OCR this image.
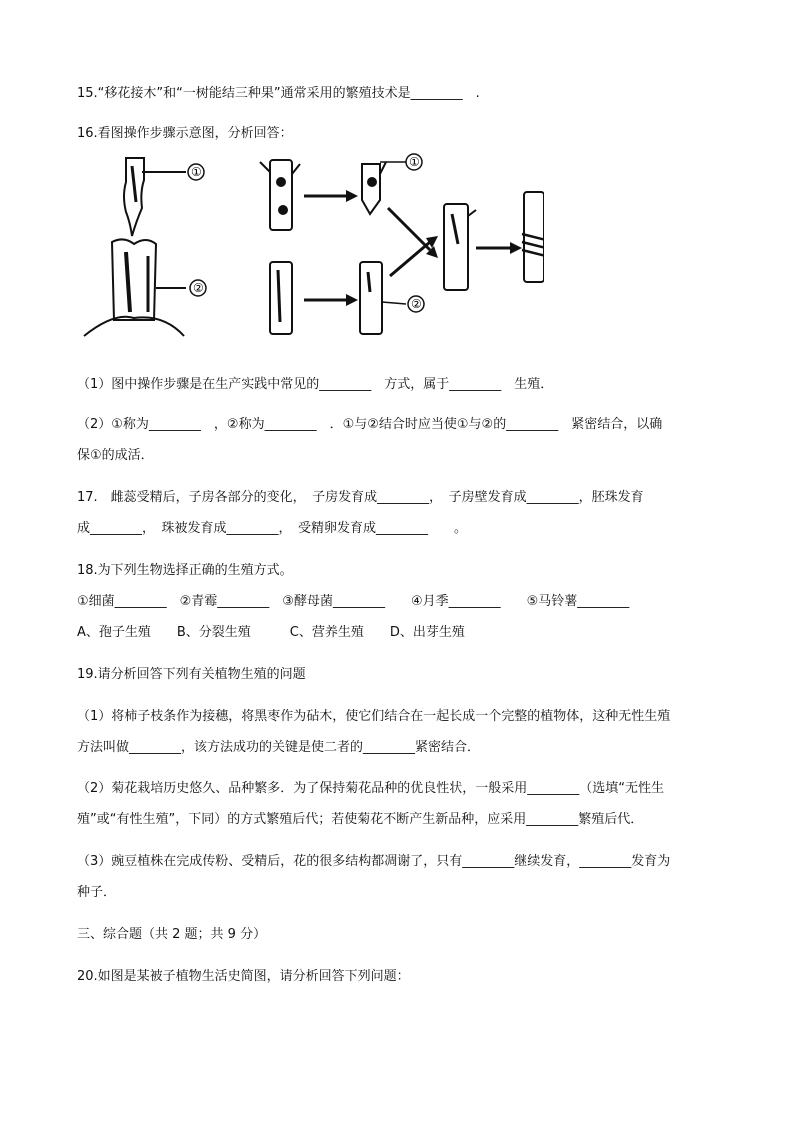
15.“移花接木”和“一树能结三种果”通常采用的繁殖技术是________　.
16.看图操作步骤示意图，分析回答：
①
②
①
②
（1）图中操作步骤是在生产实践中常见的________　方式，属于________　生殖．
（2）①称为________　，②称为________　．①与②结合时应当使①与②的________　紧密结合，以确
保①的成活．
17.　雌蕊受精后，子房各部分的变化，　子房发育成________，　子房壁发育成________，胚珠发育
成________，　珠被发育成________，　受精卵发育成________　　。
18.为下列生物选择正确的生殖方式。
①细菌________　②青霉________　③酵母菌________　　④月季________　　⑤马铃薯________
A、孢子生殖　　B、分裂生殖　　　C、营养生殖　　D、出芽生殖
19.请分析回答下列有关植物生殖的问题
（1）将柿子枝条作为接穗，将黑枣作为砧木，使它们结合在一起长成一个完整的植物体，这种无性生殖
方法叫做________，该方法成功的关键是使二者的________紧密结合．
（2）菊花栽培历史悠久、品种繁多．为了保持菊花品种的优良性状，一般采用________（选填“无性生
殖”或“有性生殖”，下同）的方式繁殖后代；若使菊花不断产生新品种，应采用________繁殖后代．
（3）豌豆植株在完成传粉、受精后，花的很多结构都凋谢了，只有________继续发育，________发育为
种子．
三、综合题（共 2 题；共 9 分）
20.如图是某被子植物生活史简图，请分析回答下列问题：
